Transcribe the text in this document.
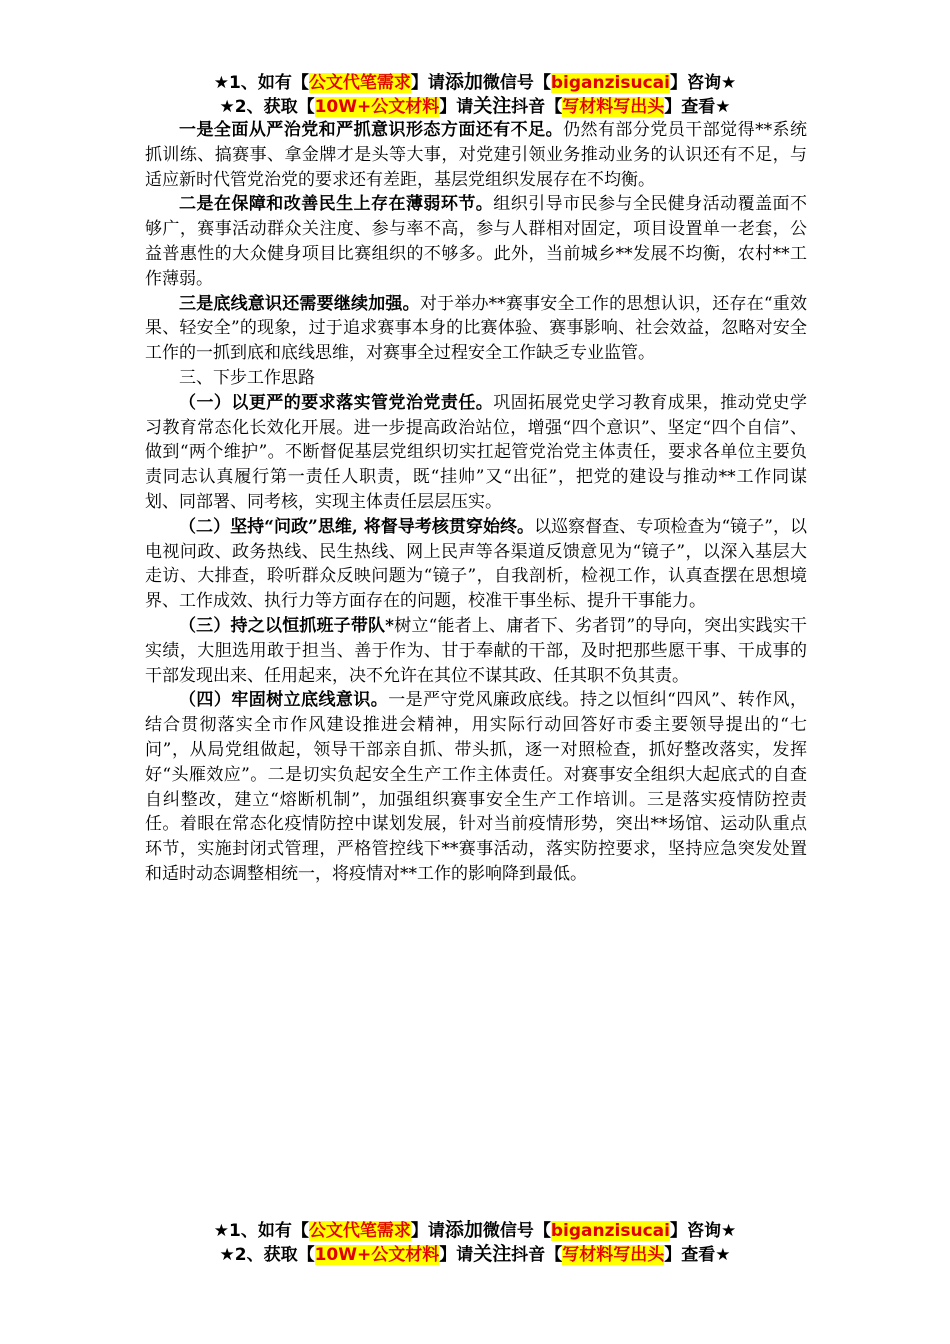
★1、如有【公文代笔需求】请添加微信号【biganzisucai】咨询★
★2、获取【10W+公文材料】请关注抖音【写材料写出头】查看★

一是全面从严治党和严抓意识形态方面还有不足。仍然有部分党员干部觉得**系统抓训练、搞赛事、拿金牌才是头等大事，对党建引领业务推动业务的认识还有不足，与适应新时代管党治党的要求还有差距，基层党组织发展存在不均衡。

二是在保障和改善民生上存在薄弱环节。组织引导市民参与全民健身活动覆盖面不够广，赛事活动群众关注度、参与率不高，参与人群相对固定，项目设置单一老套，公益普惠性的大众健身项目比赛组织的不够多。此外，当前城乡**发展不均衡，农村**工作薄弱。

三是底线意识还需要继续加强。对于举办**赛事安全工作的思想认识，还存在“重效果、轻安全”的现象，过于追求赛事本身的比赛体验、赛事影响、社会效益，忽略对安全工作的一抓到底和底线思维，对赛事全过程安全工作缺乏专业监管。

三、下步工作思路

（一）以更严的要求落实管党治党责任。巩固拓展党史学习教育成果，推动党史学习教育常态化长效化开展。进一步提高政治站位，增强“四个意识”、坚定“四个自信”、做到“两个维护”。不断督促基层党组织切实扛起管党治党主体责任，要求各单位主要负责同志认真履行第一责任人职责，既“挂帅”又“出征”，把党的建设与推动**工作同谋划、同部署、同考核，实现主体责任层层压实。

（二）坚持“问政”思维, 将督导考核贯穿始终。以巡察督查、专项检查为“镜子”，以电视问政、政务热线、民生热线、网上民声等各渠道反馈意见为“镜子”，以深入基层大走访、大排查，聆听群众反映问题为“镜子”，自我剖析，检视工作，认真查摆在思想境界、工作成效、执行力等方面存在的问题，校准干事坐标、提升干事能力。

（三）持之以恒抓班子带队*树立“能者上、庸者下、劣者罚”的导向，突出实践实干实绩，大胆选用敢于担当、善于作为、甘于奉献的干部，及时把那些愿干事、干成事的干部发现出来、任用起来，决不允许在其位不谋其政、任其职不负其责。

（四）牢固树立底线意识。一是严守党风廉政底线。持之以恒纠“四风”、转作风，结合贯彻落实全市作风建设推进会精神，用实际行动回答好市委主要领导提出的“七问”，从局党组做起，领导干部亲自抓、带头抓，逐一对照检查，抓好整改落实，发挥好“头雁效应”。二是切实负起安全生产工作主体责任。对赛事安全组织大起底式的自查自纠整改，建立“熔断机制”，加强组织赛事安全生产工作培训。三是落实疫情防控责任。着眼在常态化疫情防控中谋划发展，针对当前疫情形势，突出**场馆、运动队重点环节，实施封闭式管理，严格管控线下**赛事活动，落实防控要求，坚持应急突发处置和适时动态调整相统一，将疫情对**工作的影响降到最低。

★1、如有【公文代笔需求】请添加微信号【biganzisucai】咨询★
★2、获取【10W+公文材料】请关注抖音【写材料写出头】查看★
